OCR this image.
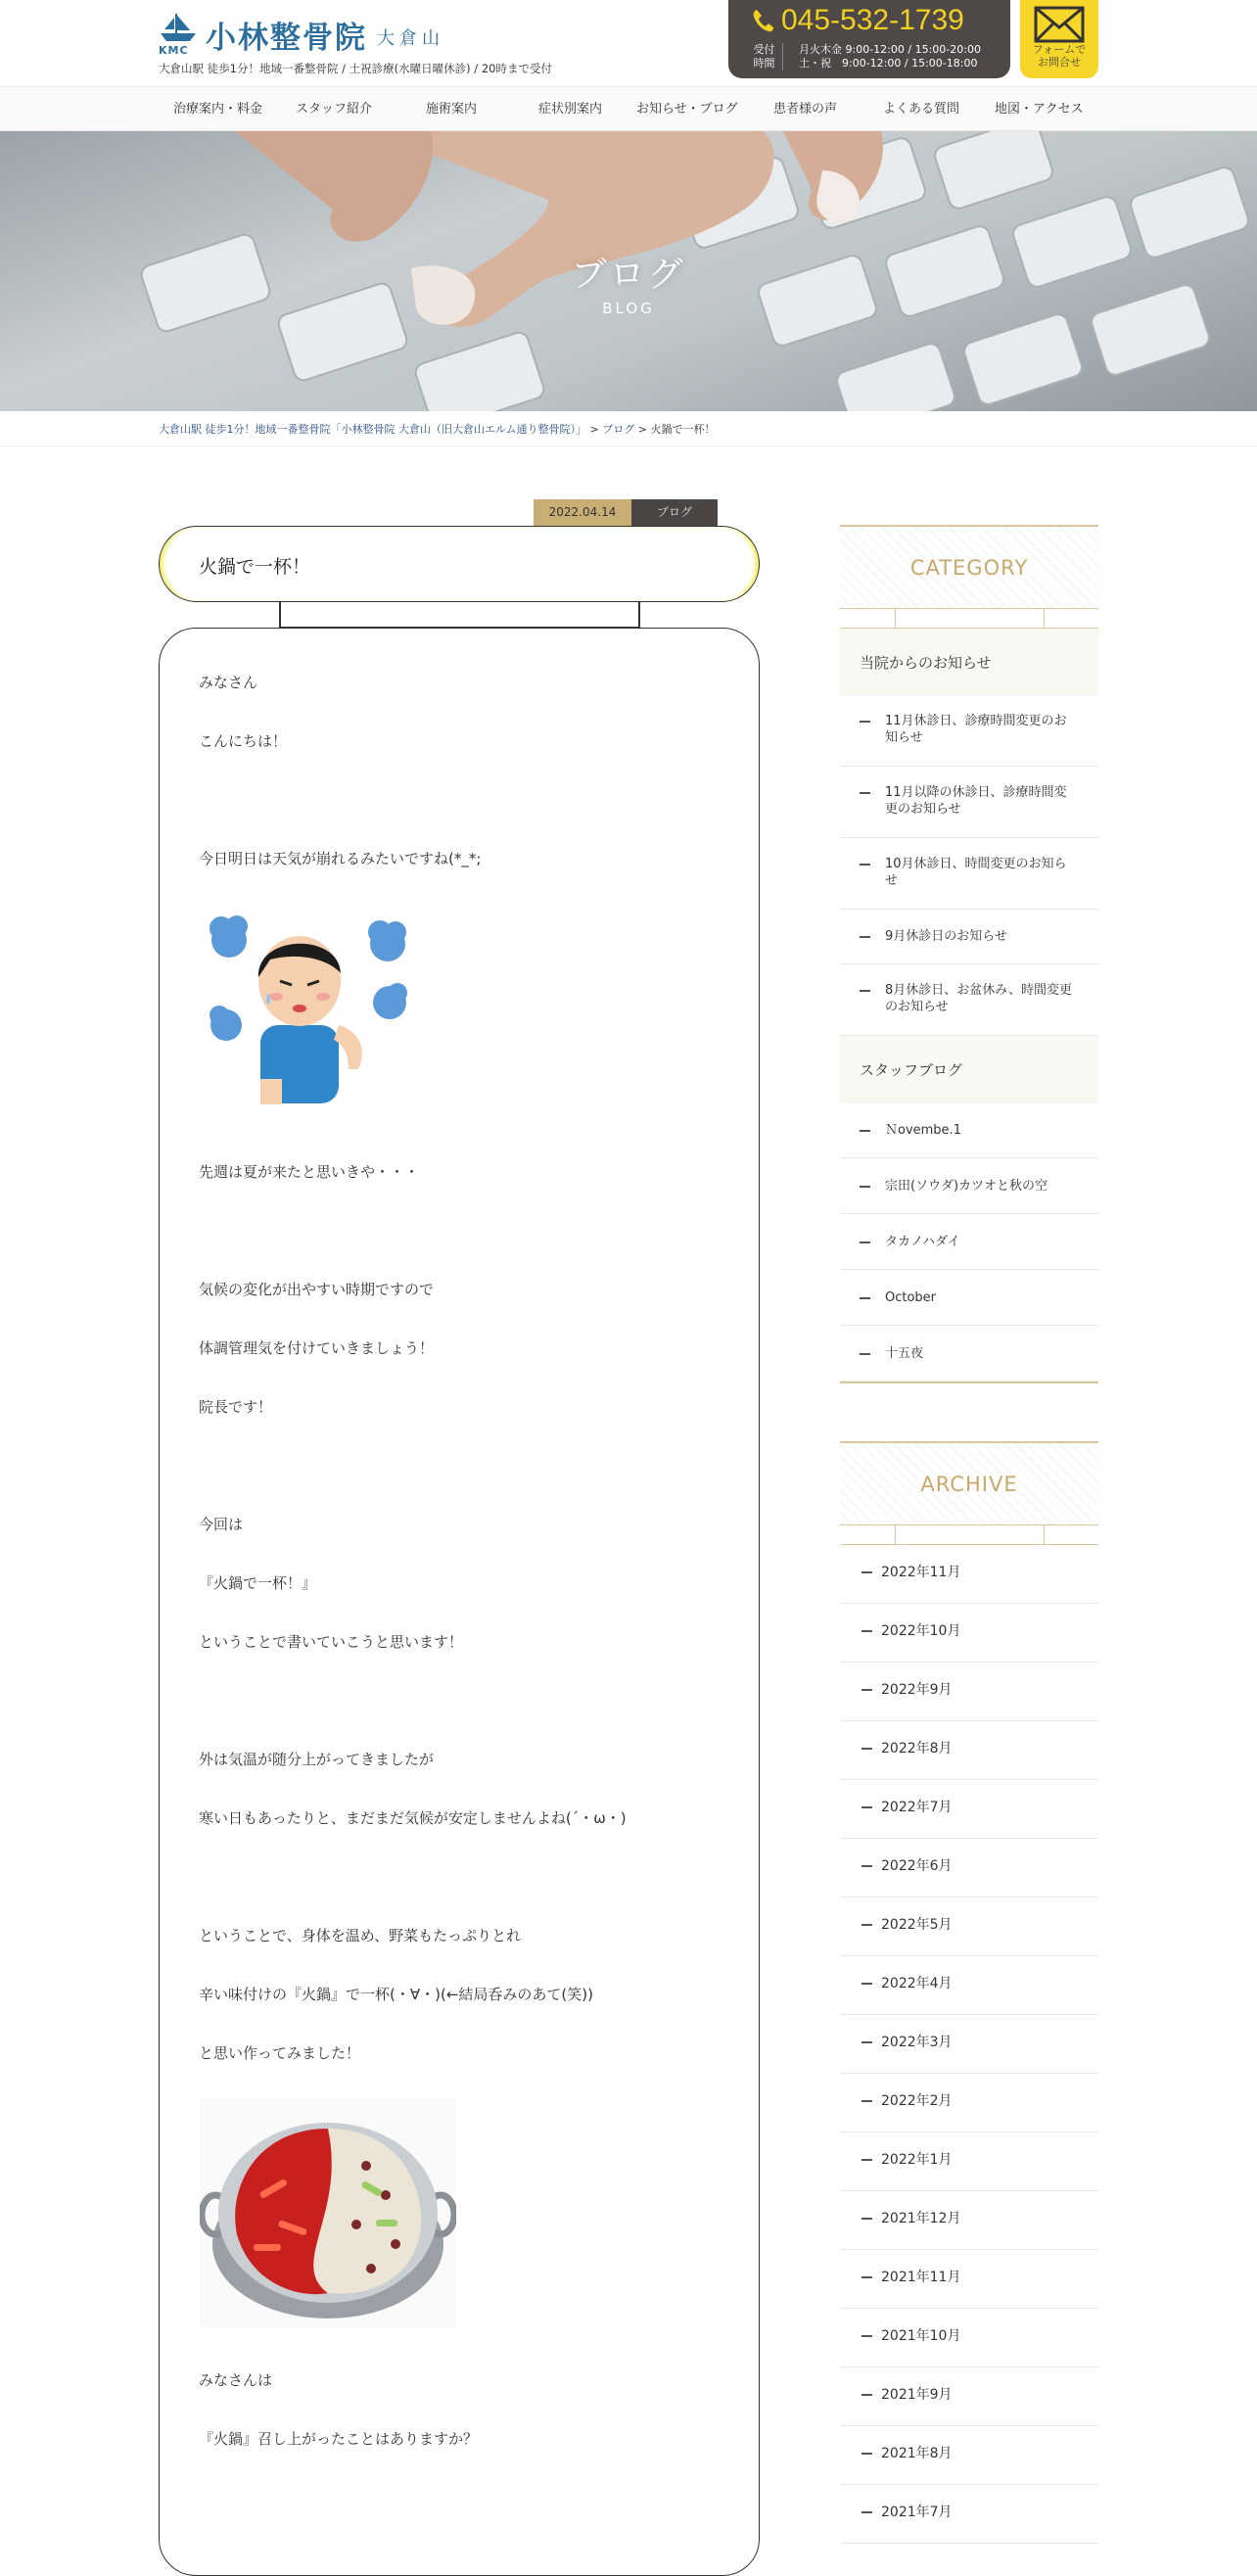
KMC 小林整骨院 大倉山
大倉山駅 徒歩1分！地域一番整骨院 / 土祝診療(水曜日曜休診) / 20時まで受付
045-532-1739
受付
時間
月火木金 9:00-12:00 / 15:00-20:00
土・祝　9:00-12:00 / 15:00-18:00
フォームで
お問合せ
治療案内・料金	スタッフ紹介	施術案内	症状別案内	お知らせ・ブログ	患者様の声	よくある質問	地図・アクセス
ブログ
BLOG
大倉山駅 徒歩1分！地域一番整骨院「小林整骨院 大倉山（旧大倉山エルム通り整骨院）」 > ブログ > 火鍋で一杯！
2022.04.14	ブログ
火鍋で一杯！
みなさん
こんにちは！
今日明日は天気が崩れるみたいですね(*_*;
先週は夏が来たと思いきや・・・
気候の変化が出やすい時期ですので
体調管理気を付けていきましょう！
院長です！
今回は
『火鍋で一杯！』
ということで書いていこうと思います！
外は気温が随分上がってきましたが
寒い日もあったりと、まだまだ気候が安定しませんよね(´・ω・)
ということで、身体を温め、野菜もたっぷりとれ
辛い味付けの『火鍋』で一杯(・∀・)(←結局呑みのあて(笑))
と思い作ってみました！
みなさんは
『火鍋』召し上がったことはありますか？
CATEGORY
当院からのお知らせ
11月休診日、診療時間変更のお知らせ
11月以降の休診日、診療時間変更のお知らせ
10月休診日、時間変更のお知らせ
9月休診日のお知らせ
8月休診日、お盆休み、時間変更のお知らせ
スタッフブログ
Ｎovembe.1
宗田(ソウダ)カツオと秋の空
タカノハダイ
October
十五夜
ARCHIVE
2022年11月
2022年10月
2022年9月
2022年8月
2022年7月
2022年6月
2022年5月
2022年4月
2022年3月
2022年2月
2022年1月
2021年12月
2021年11月
2021年10月
2021年9月
2021年8月
2021年7月
